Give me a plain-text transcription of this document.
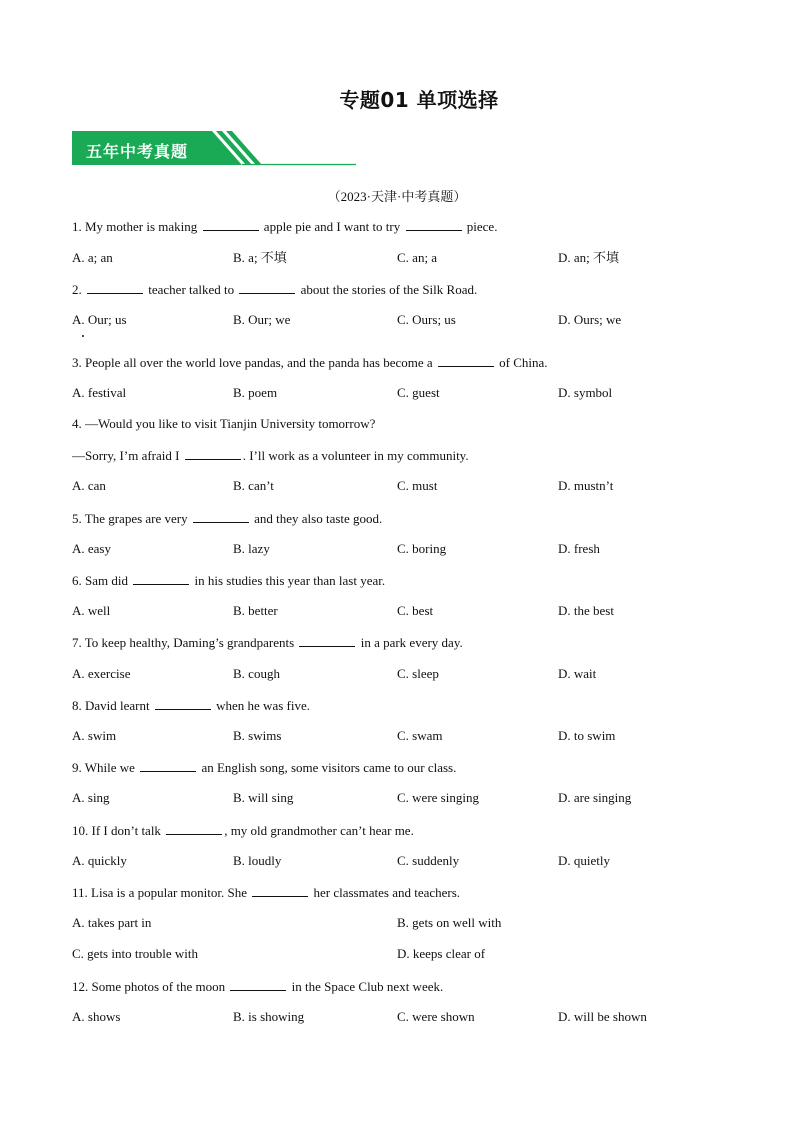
专题01 单项选择
五年中考真题
（2023·天津·中考真题）
1. My mother is making	apple pie and I want to try	piece.
A. a; an	B. a; 不填	C. an; a	D. an; 不填
2.	teacher talked to	about the stories of the Silk Road.
A. Our; us	B. Our; we	C. Ours; us	D. Ours; we
3. People all over the world love pandas, and the panda has become a	of China.
A. festival	B. poem	C. guest	D. symbol
4. —Would you like to visit Tianjin University tomorrow?
—Sorry, I’m afraid I	. I’ll work as a volunteer in my community.
A. can	B. can’t	C. must	D. mustn’t
5. The grapes are very	and they also taste good.
A. easy	B. lazy	C. boring	D. fresh
6. Sam did	in his studies this year than last year.
A. well	B. better	C. best	D. the best
7. To keep healthy, Daming’s grandparents	in a park every day.
A. exercise	B. cough	C. sleep	D. wait
8. David learnt	when he was five.
A. swim	B. swims	C. swam	D. to swim
9. While we	an English song, some visitors came to our class.
A. sing	B. will sing	C. were singing	D. are singing
10. If I don’t talk	, my old grandmother can’t hear me.
A. quickly	B. loudly	C. suddenly	D. quietly
11. Lisa is a popular monitor. She	her classmates and teachers.
A. takes part in	B. gets on well with
C. gets into trouble with	D. keeps clear of
12. Some photos of the moon	in the Space Club next week.
A. shows	B. is showing	C. were shown	D. will be shown
